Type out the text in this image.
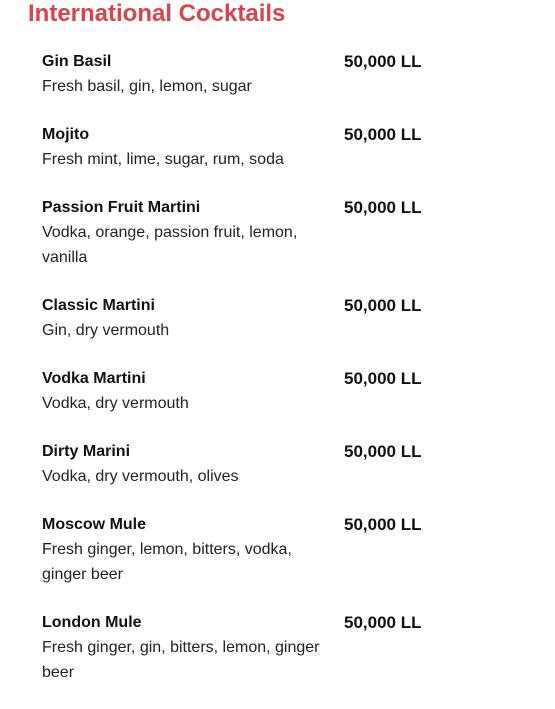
International Cocktails
Gin Basil
Fresh basil, gin, lemon, sugar
50,000 LL
Mojito
Fresh mint, lime, sugar, rum, soda
50,000 LL
Passion Fruit Martini
Vodka, orange, passion fruit, lemon, vanilla
50,000 LL
Classic Martini
Gin, dry vermouth
50,000 LL
Vodka Martini
Vodka, dry vermouth
50,000 LL
Dirty Marini
Vodka, dry vermouth, olives
50,000 LL
Moscow Mule
Fresh ginger, lemon, bitters, vodka, ginger beer
50,000 LL
London Mule
Fresh ginger, gin, bitters, lemon, ginger beer
50,000 LL
